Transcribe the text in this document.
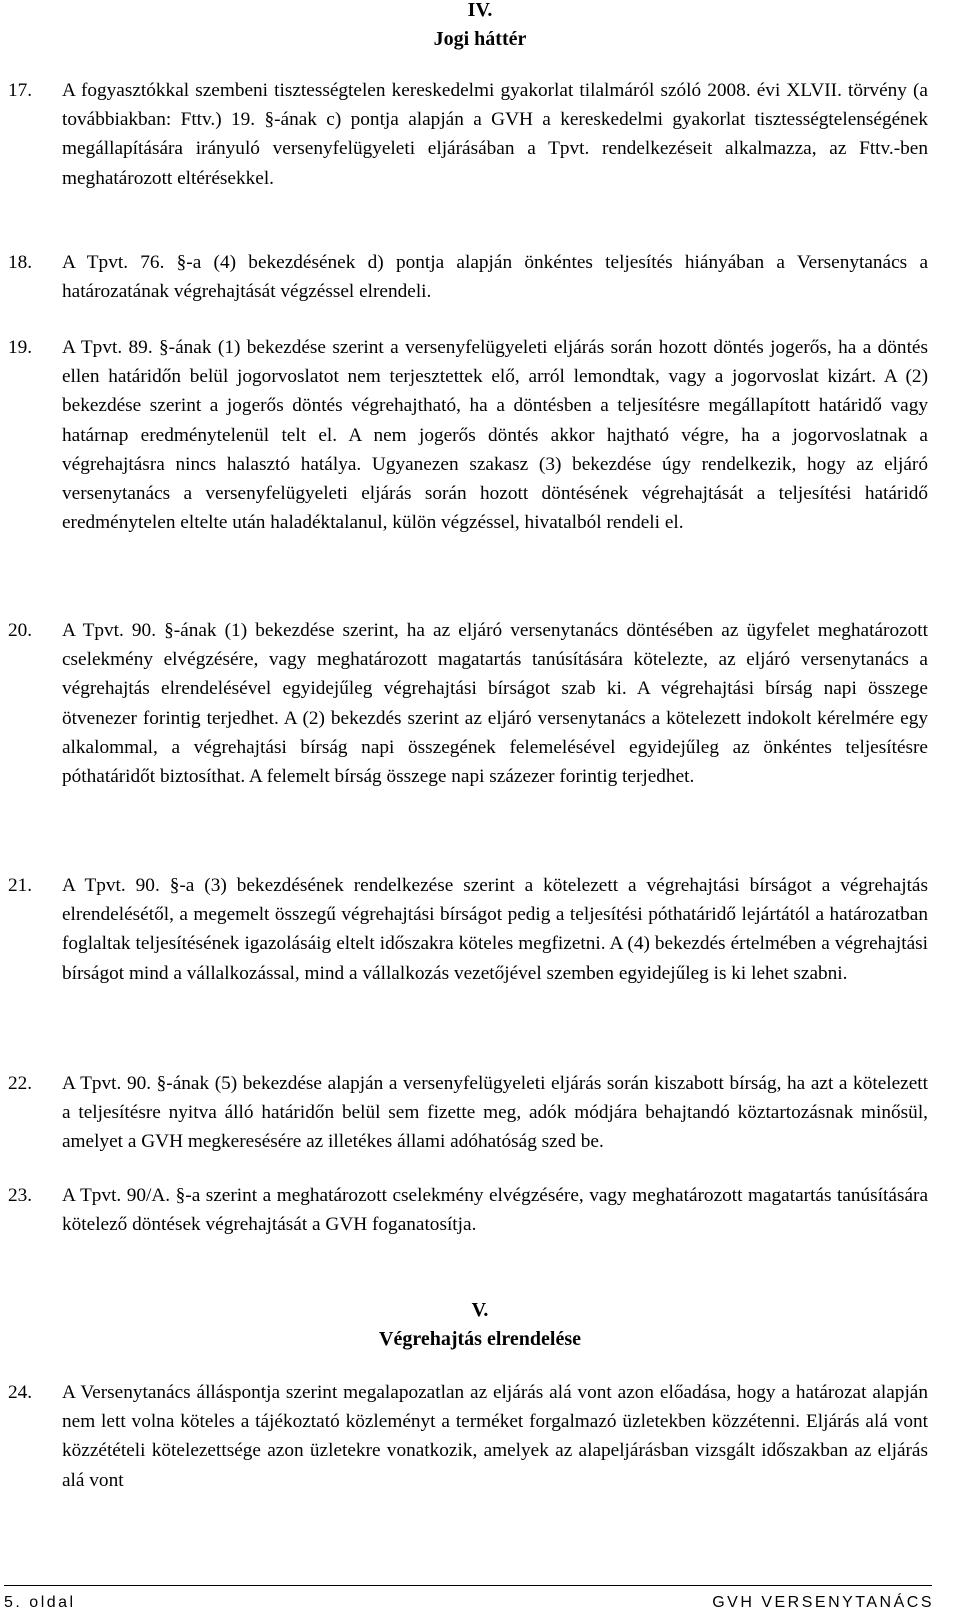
IV.
Jogi háttér
17. A fogyasztókkal szembeni tisztességtelen kereskedelmi gyakorlat tilalmáról szóló 2008. évi XLVII. törvény (a továbbiakban: Fttv.) 19. §-ának c) pontja alapján a GVH a kereskedelmi gyakorlat tisztességtelenségének megállapítására irányuló versenyfelügyeleti eljárásában a Tpvt. rendelkezéseit alkalmazza, az Fttv.-ben meghatározott eltérésekkel.
18. A Tpvt. 76. §-a (4) bekezdésének d) pontja alapján önkéntes teljesítés hiányában a Versenytanács a határozatának végrehajtását végzéssel elrendeli.
19. A Tpvt. 89. §-ának (1) bekezdése szerint a versenyfelügyeleti eljárás során hozott döntés jogerős, ha a döntés ellen határidőn belül jogorvoslatot nem terjesztettek elő, arról lemondtak, vagy a jogorvoslat kizárt. A (2) bekezdése szerint a jogerős döntés végrehajtható, ha a döntésben a teljesítésre megállapított határidő vagy határnap eredménytelenül telt el. A nem jogerős döntés akkor hajtható végre, ha a jogorvoslatnak a végrehajtásra nincs halasztó hatálya. Ugyanezen szakasz (3) bekezdése úgy rendelkezik, hogy az eljáró versenytanács a versenyfelügyeleti eljárás során hozott döntésének végrehajtását a teljesítési határidő eredménytelen eltelte után haladéktalanul, külön végzéssel, hivatalból rendeli el.
20. A Tpvt. 90. §-ának (1) bekezdése szerint, ha az eljáró versenytanács döntésében az ügyfelet meghatározott cselekmény elvégzésére, vagy meghatározott magatartás tanúsítására kötelezte, az eljáró versenytanács a végrehajtás elrendelésével egyidejűleg végrehajtási bírságot szab ki. A végrehajtási bírság napi összege ötvenezer forintig terjedhet. A (2) bekezdés szerint az eljáró versenytanács a kötelezett indokolt kérelmére egy alkalommal, a végrehajtási bírság napi összegének felemelésével egyidejűleg az önkéntes teljesítésre póthatáridőt biztosíthat. A felemelt bírság összege napi százezer forintig terjedhet.
21. A Tpvt. 90. §-a (3) bekezdésének rendelkezése szerint a kötelezett a végrehajtási bírságot a végrehajtás elrendelésétől, a megemelt összegű végrehajtási bírságot pedig a teljesítési póthatáridő lejártától a határozatban foglaltak teljesítésének igazolásáig eltelt időszakra köteles megfizetni. A (4) bekezdés értelmében a végrehajtási bírságot mind a vállalkozással, mind a vállalkozás vezetőjével szemben egyidejűleg is ki lehet szabni.
22. A Tpvt. 90. §-ának (5) bekezdése alapján a versenyfelügyeleti eljárás során kiszabott bírság, ha azt a kötelezett a teljesítésre nyitva álló határidőn belül sem fizette meg, adók módjára behajtandó köztartozásnak minősül, amelyet a GVH megkeresésére az illetékes állami adóhatóság szed be.
23. A Tpvt. 90/A. §-a szerint a meghatározott cselekmény elvégzésére, vagy meghatározott magatartás tanúsítására kötelező döntések végrehajtását a GVH foganatosítja.
V.
Végrehajtás elrendelése
24. A Versenytanács álláspontja szerint megalapozatlan az eljárás alá vont azon előadása, hogy a határozat alapján nem lett volna köteles a tájékoztató közleményt a terméket forgalmazó üzletekben közzétenni. Eljárás alá vont közzétételi kötelezettsége azon üzletekre vonatkozik, amelyek az alapeljárásban vizsgált időszakban az eljárás alá vont
5. oldal	GVH VERSENYTANÁCS
